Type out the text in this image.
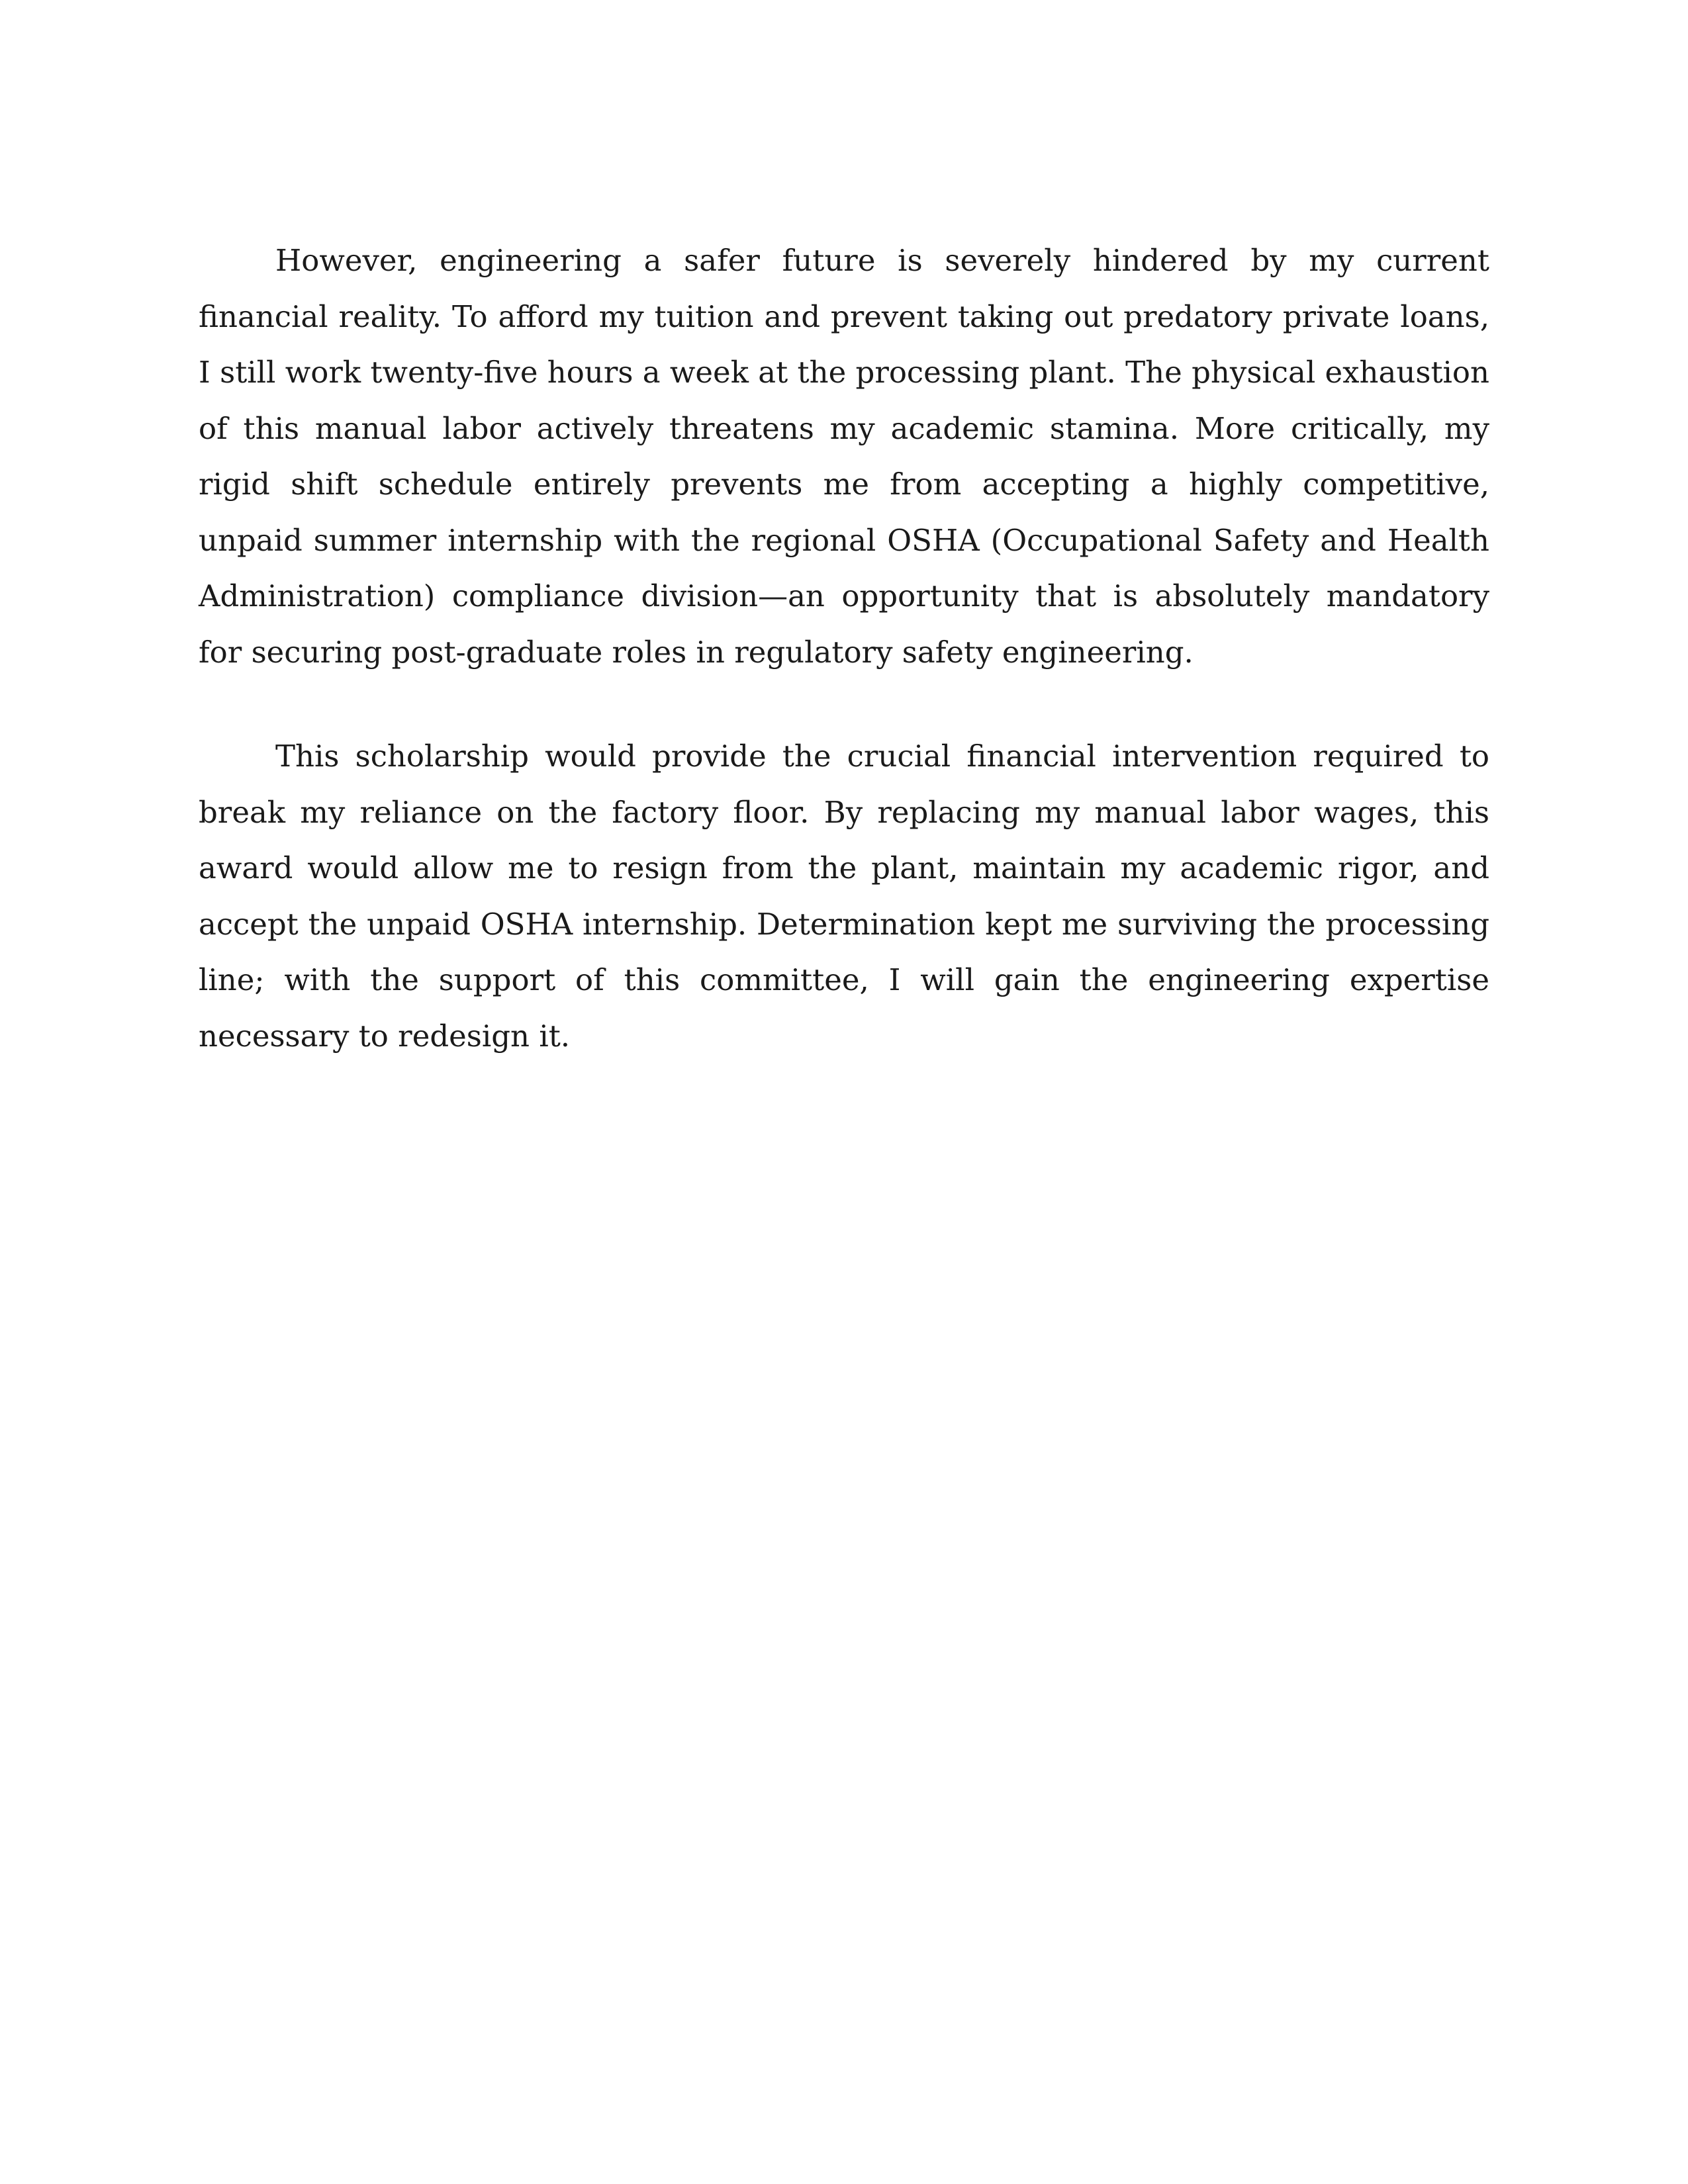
However, engineering a safer future is severely hindered by my current financial reality. To afford my tuition and prevent taking out predatory private loans, I still work twenty-five hours a week at the processing plant. The physical exhaustion of this manual labor actively threatens my academic stamina. More critically, my rigid shift schedule entirely prevents me from accepting a highly competitive, unpaid summer internship with the regional OSHA (Occupational Safety and Health Administration) compliance division—an opportunity that is absolutely mandatory for securing post-graduate roles in regulatory safety engineering.

This scholarship would provide the crucial financial intervention required to break my reliance on the factory floor. By replacing my manual labor wages, this award would allow me to resign from the plant, maintain my academic rigor, and accept the unpaid OSHA internship. Determination kept me surviving the processing line; with the support of this committee, I will gain the engineering expertise necessary to redesign it.
